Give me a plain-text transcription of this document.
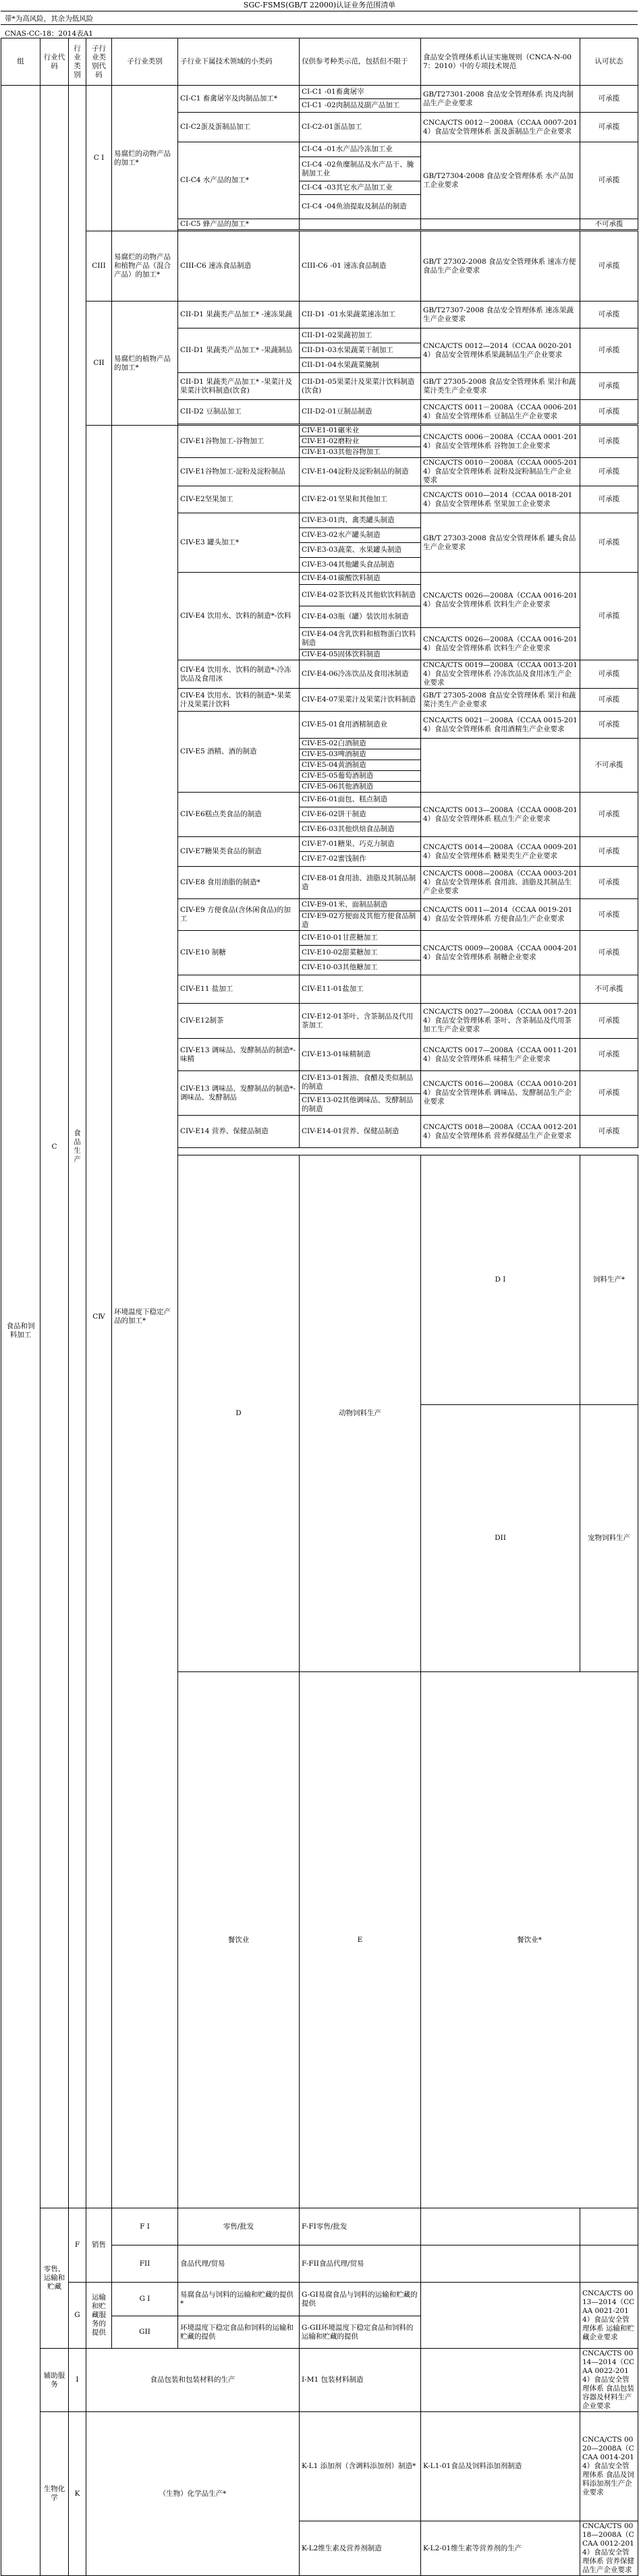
SGC-FSMS(GB/T 22000)认证业务范围清单
带*为高风险，其余为低风险
CNAS-CC-18：2014表A1
组	行业代码	行业类别	子行业类别代码	子行业类别	子行业下属技术领域的小类码	仅供参考种类示范，包括但不限于	食品安全管理体系认证实施规则（CNCA-N-007：2010）中的专项技术规范	认可状态	
食品和饲料加工	C	食品生产	C I	易腐烂的动物产品的加工*	CI-C1 畜禽屠宰及肉制品加工*	CI-C1 -01畜禽屠宰	GB/T27301-2008 食品安全管理体系 肉及肉制品生产企业要求	可承揽	
						CI-C1 -02肉制品及副产品加工			
					CI-C2蛋及蛋制品加工	CI-C2-01蛋品加工	CNCA/CTS 0012－2008A（CCAA 0007-2014）食品安全管理体系 蛋及蛋制品生产企业要求	可承揽	
					CI-C4 水产品的加工*	CI-C4 -01水产品冷冻加工业	GB/T27304-2008 食品安全管理体系 水产品加工企业要求	可承揽	
						CI-C4 -02鱼糜制品及水产品干、腌制加工业			
						CI-C4 -03其它水产品加工业			
						CI-C4 -04鱼油提取及制品的制造			
					CI-C5 蜂产品的加工*			不可承揽	

			CIII	易腐烂的动物产品和植物产品（混合产品）的加工*	CIII-C6 速冻食品制造	CIII-C6 -01 速冻食品制造	GB/T 27302-2008 食品安全管理体系 速冻方便食品生产企业要求	可承揽	
			CII	易腐烂的植物产品的加工*	CII-D1 果蔬类产品加工* -速冻果蔬	CII-D1 -01水果蔬菜速冻加工	GB/T27307-2008 食品安全管理体系 速冻果蔬生产企业要求	可承揽	
					CII-D1 果蔬类产品加工* -果蔬制品	CII-D1-02果蔬初加工	CNCA/CTS 0012—2014（CCAA 0020-2014）食品安全管理体系果蔬制品生产企业要求	可承揽	
						CII-D1-03水果蔬菜干制加工			
						CII-D1-04水果蔬菜腌制			
					CII-D1 果蔬类产品加工* -果菜汁及果菜汁饮料制造(饮食)	CII-D1-05果菜汁及果菜汁饮料制造(饮食)	GB/T 27305-2008 食品安全管理体系 果汁和蔬菜汁类生产企业要求	可承揽	
					CII-D2 豆制品加工	CII-D2-01豆制品制造	CNCA/CTS 0011－2008A（CCAA 0006-2014）食品安全管理体系 豆制品生产企业要求	可承揽	

			CⅣ	环境温度下稳定产品的加工*	CIV-E1谷物加工-谷物加工	CIV-E1-01碾米业	CNCA/CTS 0006－2008A（CCAA 0001-2014）食品安全管理体系 谷物加工企业要求	可承揽	
						CIV-E1-02磨粉业			
						CIV-E1-03其他谷物加工			
					CIV-E1谷物加工-淀粉及淀粉制品	CIV-E1-04淀粉及淀粉制品的制造	CNCA/CTS 0010－2008A（CCAA 0005-2014）食品安全管理体系 淀粉及淀粉制品生产企业要求	可承揽	
					CIV-E2坚果加工	CIV-E2-01坚果和其他加工	CNCA/CTS 0010—2014（CCAA 0018-2014）食品安全管理体系 坚果加工企业要求	可承揽	
					CIV-E3 罐头加工*	CIV-E3-01肉、禽类罐头制造	GB/T 27303-2008 食品安全管理体系 罐头食品生产企业要求	可承揽	
						CIV-E3-02水产罐头制造			
						CIV-E3-03蔬菜、水果罐头制造			
						CIV-E3-04其他罐头食品制造			
					CIV-E4 饮用水、饮料的制造*-饮料	CIV-E4-01碳酸饮料制造	CNCA/CTS 0026—2008A（CCAA 0016-2014）食品安全管理体系 饮料生产企业要求	可承揽	
						CIV-E4-02茶饮料及其他软饮料制造			
						CIV-E4-03瓶（罐）装饮用水制造			
						CIV-E4-04含乳饮料和植物蛋白饮料制造	CNCA/CTS 0026—2008A（CCAA 0016-2014）食品安全管理体系 饮料生产企业要求		
						CIV-E4-05固体饮料制造			
					CIV-E4 饮用水、饮料的制造*-冷冻饮品及食用冰	CIV-E4-06冷冻饮品及食用冰制造	CNCA/CTS 0019—2008A（CCAA 0013-2014）食品安全管理体系 冷冻饮品及食用冰生产企业要求	可承揽	
					CIV-E4 饮用水、饮料的制造*-果菜汁及果菜汁饮料	CIV-E4-07果菜汁及果菜汁饮料制造	GB/T 27305-2008 食品安全管理体系 果汁和蔬菜汁类生产企业要求	可承揽	
					CIV-E5 酒精、酒的制造	CIV-E5-01食用酒精制造业	CNCA/CTS 0021－2008A（CCAA 0015-2014）食品安全管理体系 食用酒精生产企业要求	可承揽	
						CIV-E5-02白酒制造		不可承揽	
						CIV-E5-03啤酒制造			
						CIV-E5-04黄酒制造			
						CIV-E5-05葡萄酒制造			
						CIV-E5-06其他酒制造			
					CIV-E6糕点类食品的制造	CIV-E6-01面包、糕点制造	CNCA/CTS 0013—2008A（CCAA 0008-2014）食品安全管理体系 糕点生产企业要求	可承揽	
						CIV-E6-02饼干制造			
						CIV-E6-03其他烘焙食品制造			
					CIV-E7糖果类食品的制造	CIV-E7-01糖果、巧克力制造	CNCA/CTS 0014—2008A（CCAA 0009-2014）食品安全管理体系 糖果类生产企业要求	可承揽	
						CIV-E7-02蜜饯制作			
					CIV-E8 食用油脂的制造*	CIV-E8-01食用油、油脂及其制品制造	CNCA/CTS 0008—2008A（CCAA 0003-2014）食品安全管理体系 食用油、油脂及其制品生产企业要求	可承揽	
					CIV-E9 方便食品(含休闲食品)的加工	CIV-E9-01米、面制品制造	CNCA/CTS 0011—2014（CCAA 0019-2014）食品安全管理体系 方便食品生产企业要求	可承揽	
						CIV-E9-02方便面及其他方便食品制造			
					CIV-E10 制糖	CIV-E10-01甘蔗糖加工	CNCA/CTS 0009—2008A（CCAA 0004-2014）食品安全管理体系 制糖企业要求	可承揽	
						CIV-E10-02甜菜糖加工			
						CIV-E10-03其他糖加工			
					CIV-E11 盐加工	CIV-E11-01盐加工		不可承揽	
					CIV-E12制茶	CIV-E12-01茶叶、含茶制品及代用茶加工	CNCA/CTS 0027—2008A（CCAA 0017-2014）食品安全管理体系 茶叶、含茶制品及代用茶加工生产企业要求	可承揽	
					CIV-E13 调味品、发酵制品的制造*-味精	CIV-E13-01味精制造	CNCA/CTS 0017—2008A（CCAA 0011-2014）食品安全管理体系 味精生产企业要求	可承揽	
					CIV-E13 调味品、发酵制品的制造*-调味品、发酵制品	CIV-E13-01酱油、食醋及类似制品的制造	CNCA/CTS 0016—2008A（CCAA 0010-2014）食品安全管理体系 调味品、发酵制品生产企业要求	可承揽	
						CIV-E13-02其他调味品、发酵制品的制造			
					CIV-E14 营养、保健品制造	CIV-E14-01营养、保健品制造	CNCA/CTS 0018—2008A（CCAA 0012-2014）食品安全管理体系 营养保健品生产企业要求	可承揽	

					D	动物饲料生产	D I	饲料生产*				

							DII	宠物饲料生产			

					餐饮业	E	餐饮业*				

	零售、运输和贮藏	F	销售	F I	零售/批发	F-FI零售/批发			
				FII	食品代理/贸易	F-FII食品代理/贸易			
		G	运输和贮藏服务的提供	G I	易腐食品与饲料的运输和贮藏的提供*	G-GI易腐食品与饲料的运输和贮藏的提供		CNCA/CTS 0013—2014（CCAA 0021-2014）食品安全管理体系 运输和贮藏企业要求	
				GII	环境温度下稳定食品和饲料的运输和贮藏的提供	G-GII环境温度下稳定食品和饲料的运输和贮藏的提供			
	辅助服务	I	食品包装和包装材料的生产			I-M1 包装材料制造		CNCA/CTS 0014—2014（CCAA 0022-2014）食品安全管理体系 食品包装容器及材料生产企业要求	
	生物化学	K	（生物）化学品生产*			K-L1 添加剂（含调料添加剂）制造*	K-L1-01食品及饲料添加剂制造	CNCA/CTS 0020—2008A（CCAA 0014-2014）食品安全管理体系 食品及饲料添加剂生产企业要求	
						K-L2维生素及营养剂制造	K-L2-01维生素等营养剂的生产	CNCA/CTS 0018—2008A（CCAA 0012-2014）食品安全管理体系 营养保健品生产企业要求	
